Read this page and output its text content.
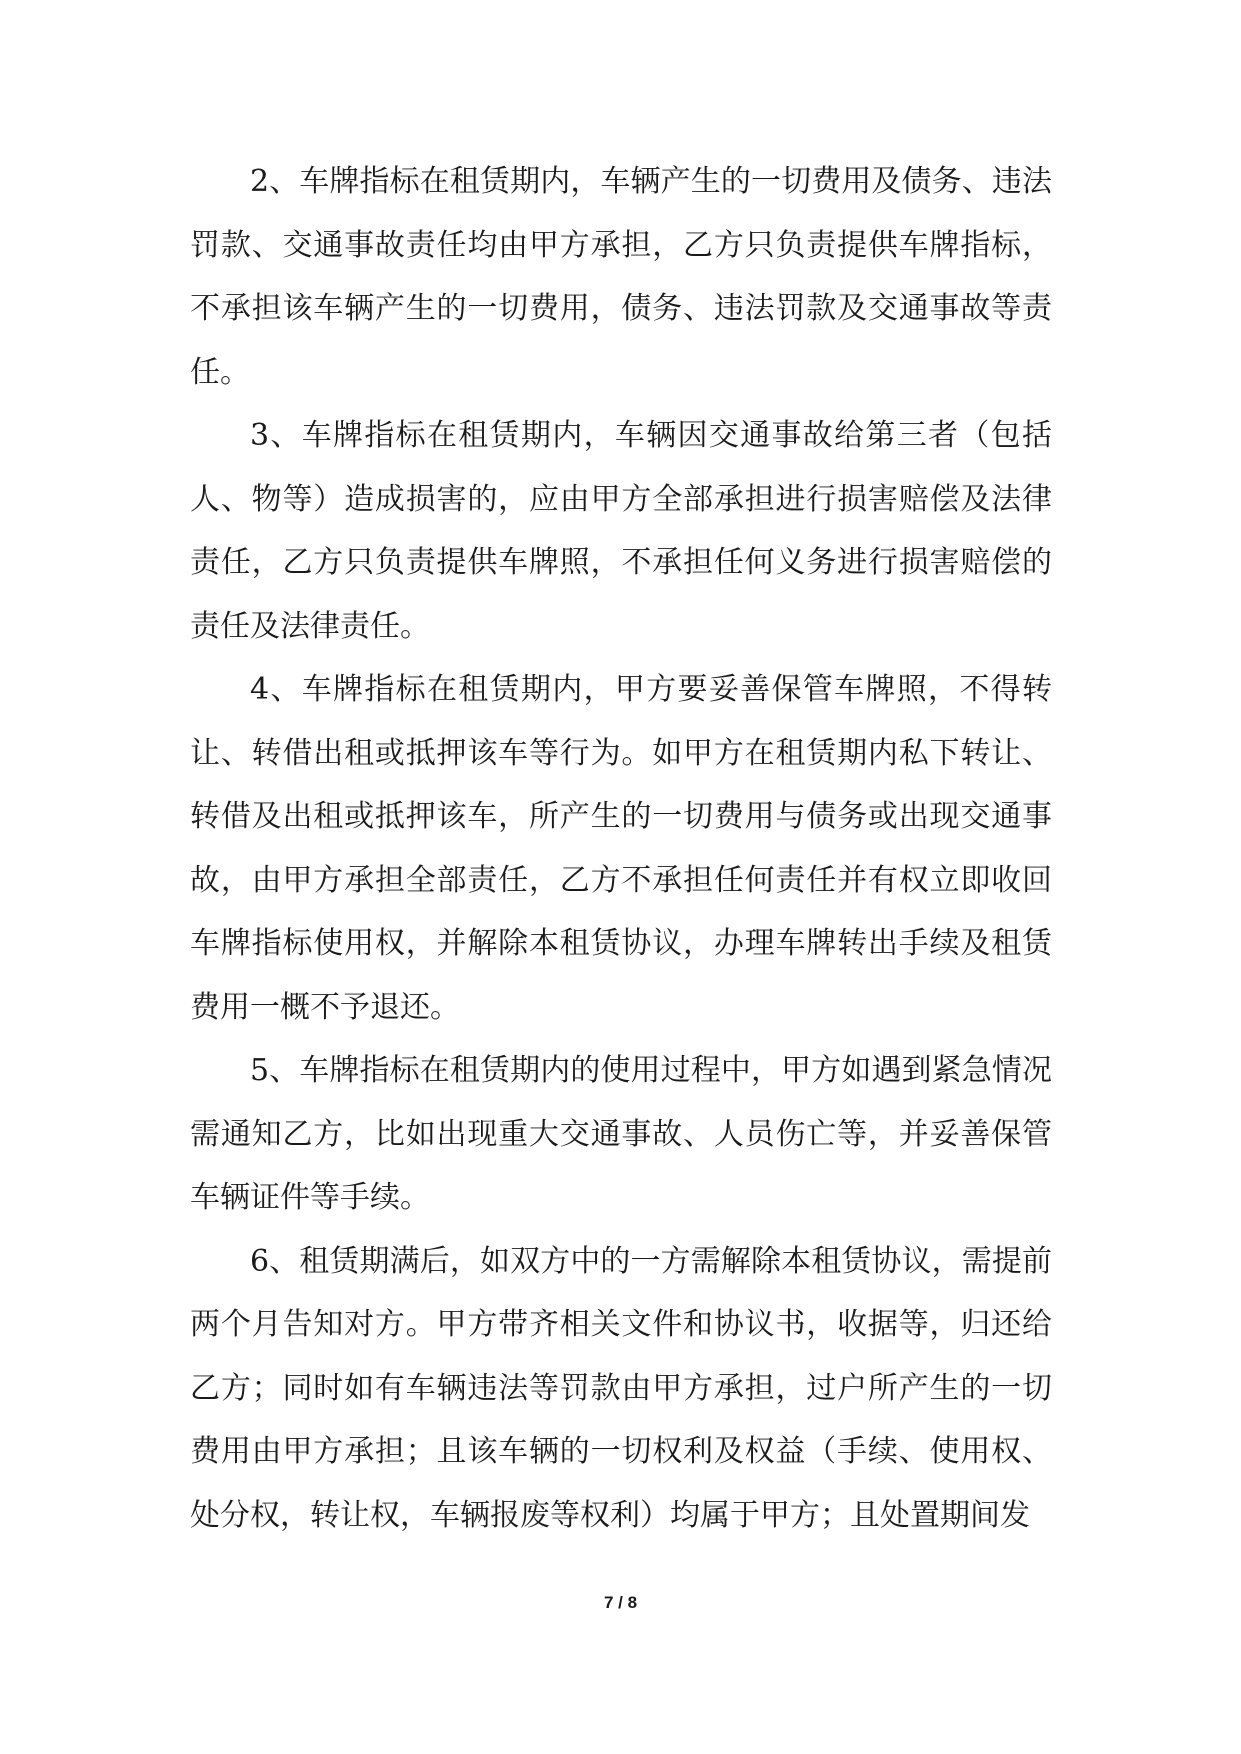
2、车牌指标在租赁期内，车辆产生的一切费用及债务、违法罚款、交通事故责任均由甲方承担，乙方只负责提供车牌指标，不承担该车辆产生的一切费用，债务、违法罚款及交通事故等责任。

3、车牌指标在租赁期内，车辆因交通事故给第三者（包括人、物等）造成损害的，应由甲方全部承担进行损害赔偿及法律责任，乙方只负责提供车牌照，不承担任何义务进行损害赔偿的责任及法律责任。

4、车牌指标在租赁期内，甲方要妥善保管车牌照，不得转让、转借出租或抵押该车等行为。如甲方在租赁期内私下转让、转借及出租或抵押该车，所产生的一切费用与债务或出现交通事故，由甲方承担全部责任，乙方不承担任何责任并有权立即收回车牌指标使用权，并解除本租赁协议，办理车牌转出手续及租赁费用一概不予退还。

5、车牌指标在租赁期内的使用过程中，甲方如遇到紧急情况需通知乙方，比如出现重大交通事故、人员伤亡等，并妥善保管车辆证件等手续。

6、租赁期满后，如双方中的一方需解除本租赁协议，需提前两个月告知对方。甲方带齐相关文件和协议书，收据等，归还给乙方；同时如有车辆违法等罚款由甲方承担，过户所产生的一切费用由甲方承担；且该车辆的一切权利及权益（手续、使用权、处分权，转让权，车辆报废等权利）均属于甲方；且处置期间发

7 / 8
